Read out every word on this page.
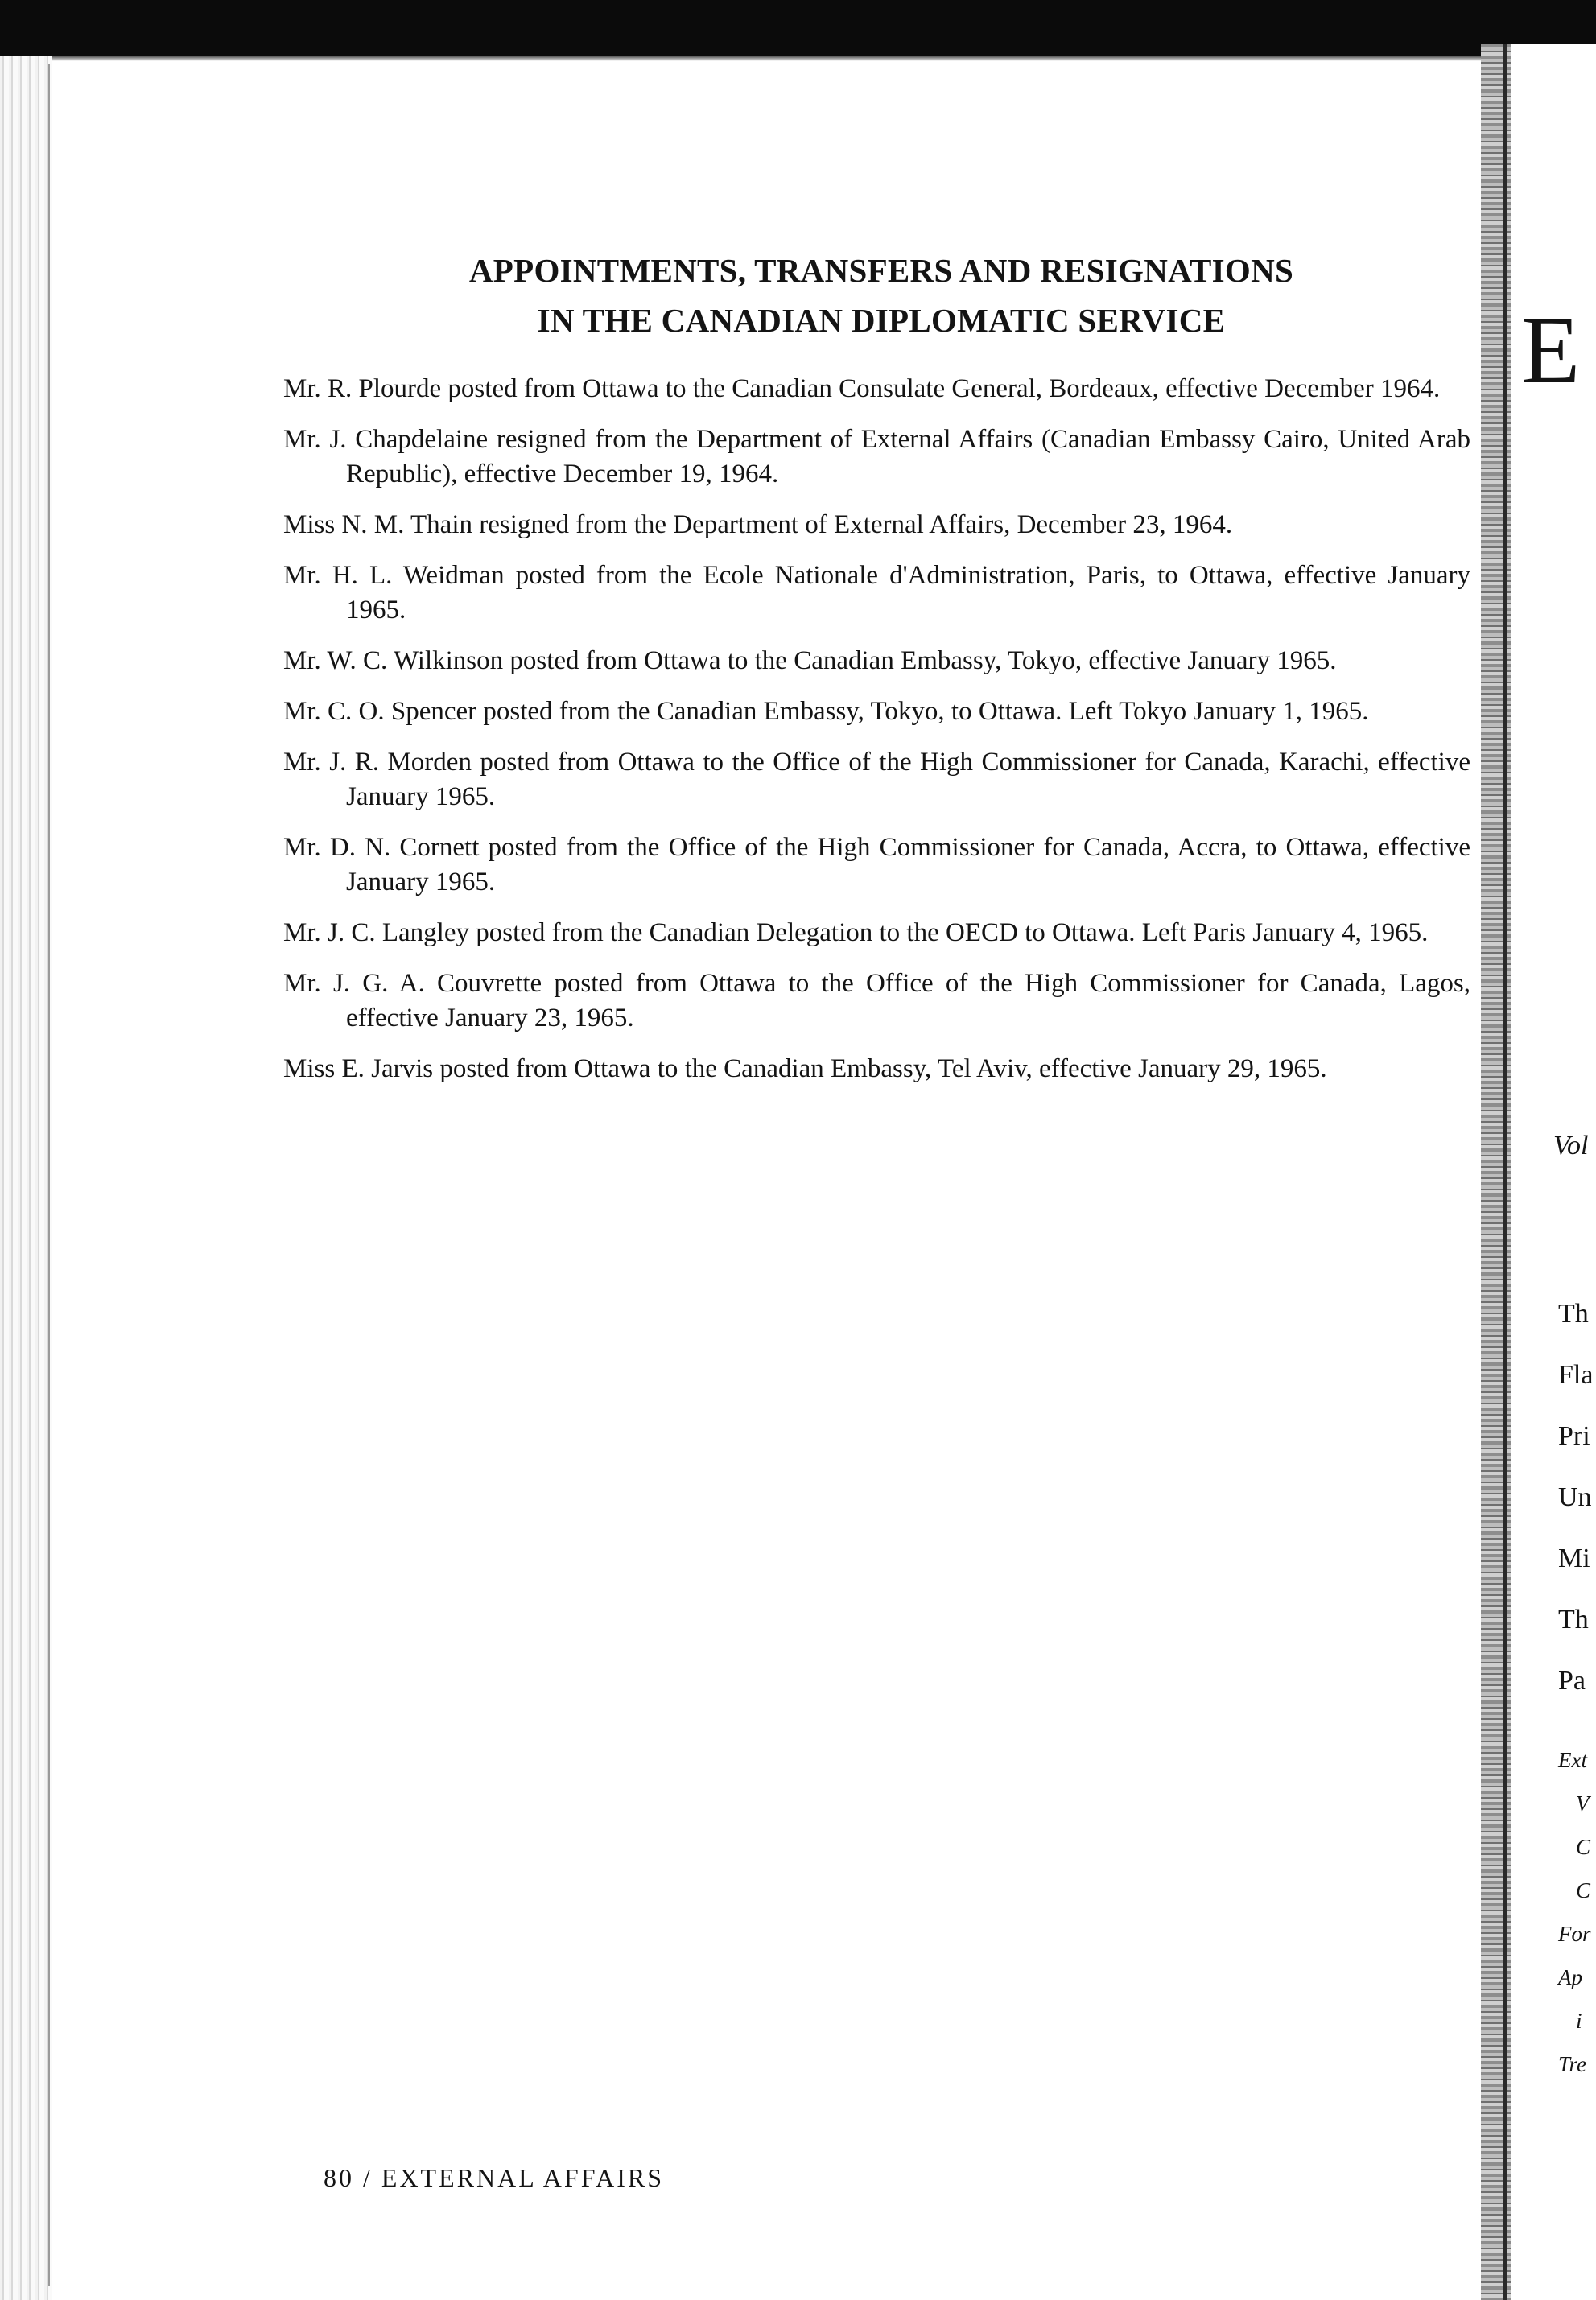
APPOINTMENTS, TRANSFERS AND RESIGNATIONS
IN THE CANADIAN DIPLOMATIC SERVICE
Mr. R. Plourde posted from Ottawa to the Canadian Consulate General, Bordeaux, effective December 1964.
Mr. J. Chapdelaine resigned from the Department of External Affairs (Canadian Embassy Cairo, United Arab Republic), effective December 19, 1964.
Miss N. M. Thain resigned from the Department of External Affairs, December 23, 1964.
Mr. H. L. Weidman posted from the Ecole Nationale d'Administration, Paris, to Ottawa, effective January 1965.
Mr. W. C. Wilkinson posted from Ottawa to the Canadian Embassy, Tokyo, effective January 1965.
Mr. C. O. Spencer posted from the Canadian Embassy, Tokyo, to Ottawa. Left Tokyo January 1, 1965.
Mr. J. R. Morden posted from Ottawa to the Office of the High Commissioner for Canada, Karachi, effective January 1965.
Mr. D. N. Cornett posted from the Office of the High Commissioner for Canada, Accra, to Ottawa, effective January 1965.
Mr. J. C. Langley posted from the Canadian Delegation to the OECD to Ottawa. Left Paris January 4, 1965.
Mr. J. G. A. Couvrette posted from Ottawa to the Office of the High Commissioner for Canada, Lagos, effective January 23, 1965.
Miss E. Jarvis posted from Ottawa to the Canadian Embassy, Tel Aviv, effective January 29, 1965.

80 / EXTERNAL AFFAIRS

E
Vol
Th
Fla
Pri
Un
Mi
Th
Pa
Ext
V
C
C
For
Ap
i
Tre
